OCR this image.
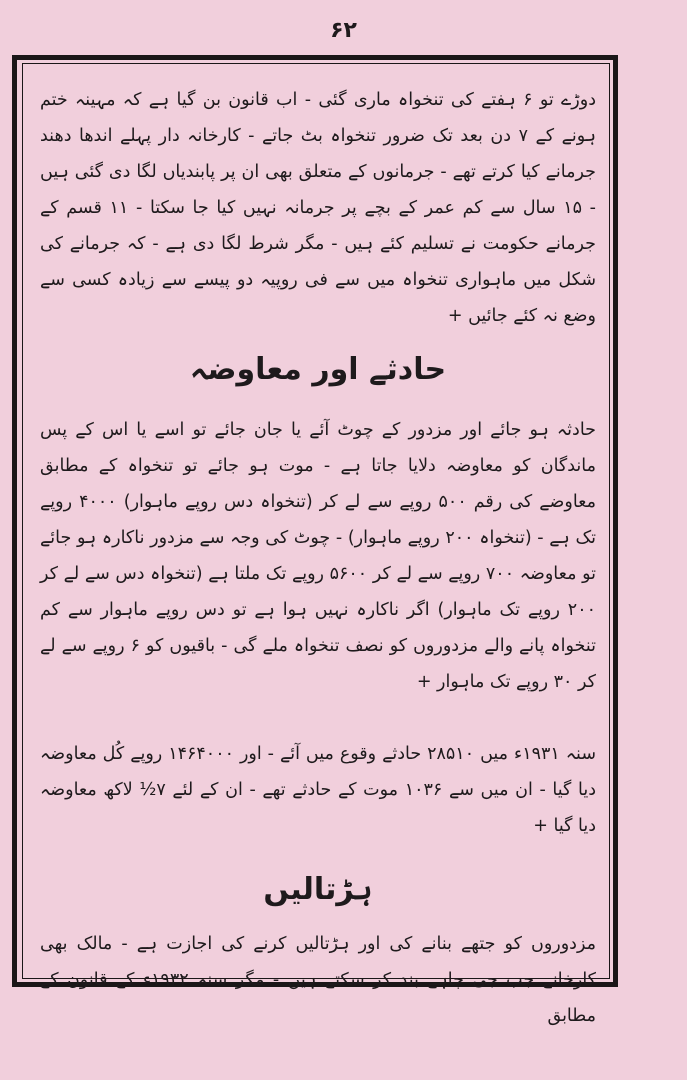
۶۲

دوڑے تو ۶ ہفتے کی تنخواہ ماری گئی - اب قانون بن گیا ہے کہ مہینہ ختم ہونے کے ۷ دن بعد تک ضرور تنخواہ بٹ جاتے - کارخانہ دار پہلے اندھا دھند جرمانے کیا کرتے تھے - جرمانوں کے متعلق بھی ان پر پابندیاں لگا دی گئی ہیں - ۱۵ سال سے کم عمر کے بچے پر جرمانہ نہیں کیا جا سکتا - ۱۱ قسم کے جرمانے حکومت نے تسلیم کئے ہیں - مگر شرط لگا دی ہے - کہ جرمانے کی شکل میں ماہواری تنخواہ میں سے فی روپیہ دو پیسے سے زیادہ کسی سے وضع نہ کئے جائیں +

حادثے اور معاوضہ

حادثہ ہو جائے اور مزدور کے چوٹ آئے یا جان جائے تو اسے یا اس کے پس ماندگان کو معاوضہ دلایا جاتا ہے - موت ہو جائے تو تنخواہ کے مطابق معاوضے کی رقم ۵۰۰ روپے سے لے کر (تنخواہ دس روپے ماہوار) ۴۰۰۰ روپے تک ہے - (تنخواہ ۲۰۰ روپے ماہوار) - چوٹ کی وجہ سے مزدور ناکارہ ہو جائے تو معاوضہ ۷۰۰ روپے سے لے کر ۵۶۰۰ روپے تک ملتا ہے (تنخواہ دس سے لے کر ۲۰۰ روپے تک ماہوار) اگر ناکارہ نہیں ہوا ہے تو دس روپے ماہوار سے کم تنخواہ پانے والے مزدوروں کو نصف تنخواہ ملے گی - باقیوں کو ۶ روپے سے لے کر ۳۰ روپے تک ماہوار +

سنہ ۱۹۳۱ء میں ۲۸۵۱۰ حادثے وقوع میں آئے - اور ۱۴۶۴۰۰۰ روپے کُل معاوضہ دیا گیا - ان میں سے ۱۰۳۶ موت کے حادثے تھے - ان کے لئے ۷½ لاکھ معاوضہ دیا گیا +

ہڑتالیں

مزدوروں کو جتھے بنانے کی اور ہڑتالیں کرنے کی اجازت ہے - مالک بھی کارخانے جب جی چاہے بند کر سکتے ہیں - مگر سنہ ۱۹۳۲ء کے قانون کے مطابق
